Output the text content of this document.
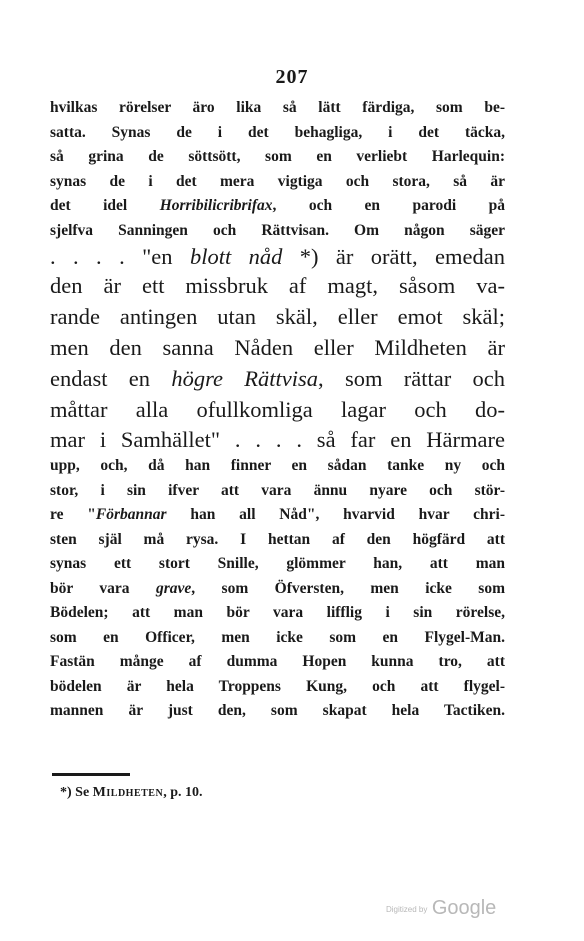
207
hvilkas rörelser äro lika så lätt färdiga, som be-
satta. Synas de i det behagliga, i det täcka,
så grina de söttsött, som en verliebt Harlequin:
synas de i det mera vigtiga och stora, så är
det idel Horribilicribrifax, och en parodi på
sjelfva Sanningen och Rättvisan. Om någon säger
. . . . "en blott nåd *) är orätt, emedan
den är ett missbruk af magt, såsom va-
rande antingen utan skäl, eller emot skäl;
men den sanna Nåden eller Mildheten är
endast en högre Rättvisa, som rättar och
måttar alla ofullkomliga lagar och do-
mar i Samhället" . . . . så far en Härmare
upp, och, då han finner en sådan tanke ny och
stor, i sin ifver att vara ännu nyare och stör-
re "Förbannar han all Nåd", hvarvid hvar chri-
sten själ må rysa. I hettan af den högfärd att
synas ett stort Snille, glömmer han, att man
bör vara grave, som Öfversten, men icke som
Bödelen; att man bör vara lifflig i sin rörelse,
som en Officer, men icke som en Flygel-Man.
Fastän månge af dumma Hopen kunna tro, att
bödelen är hela Troppens Kung, och att flygel-
mannen är just den, som skapat hela Tactiken.
*) Se Mildheten, p. 10.
Digitized by Google
